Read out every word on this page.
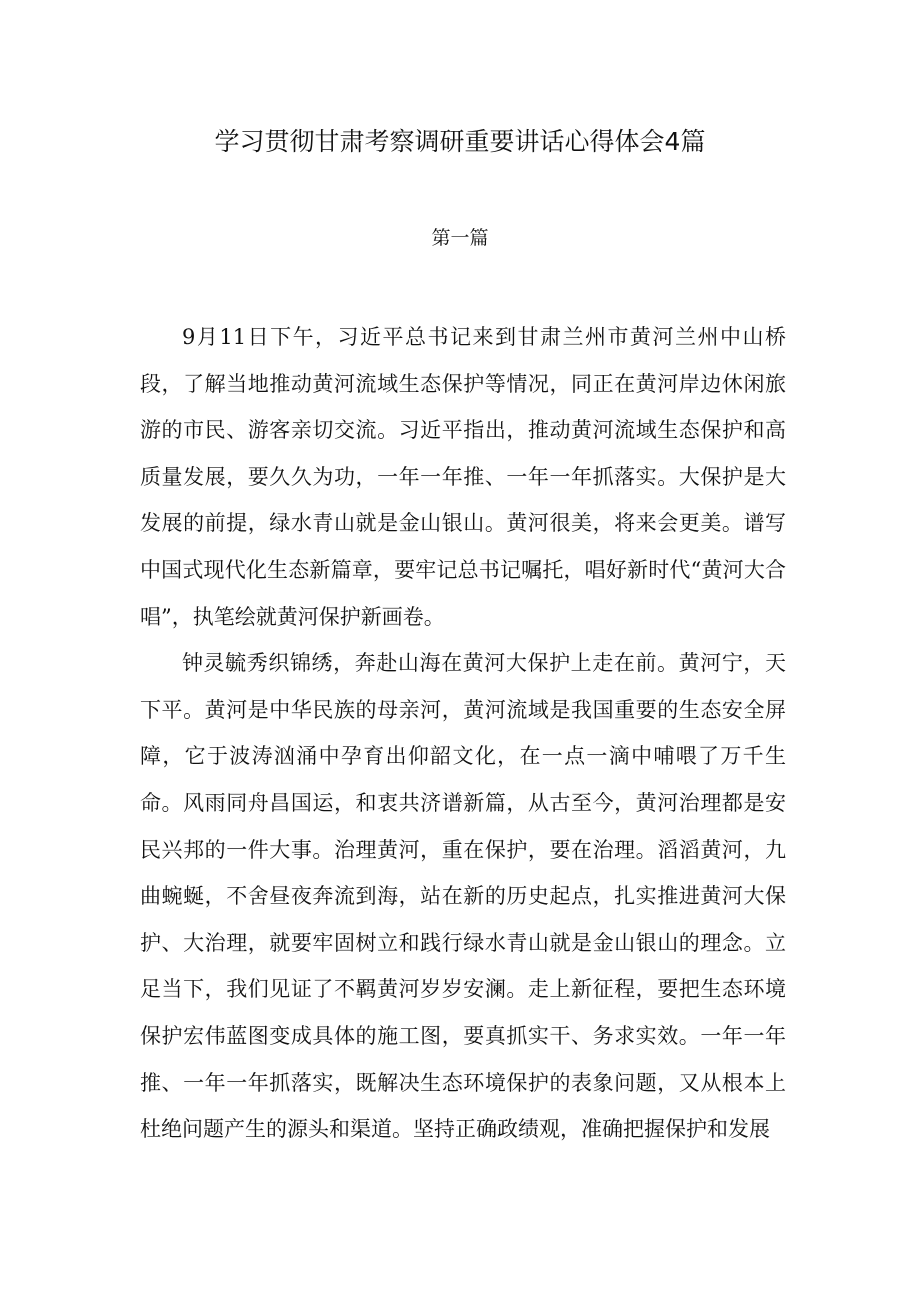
学习贯彻甘肃考察调研重要讲话心得体会4篇
第一篇

9月11日下午，习近平总书记来到甘肃兰州市黄河兰州中山桥段，了解当地推动黄河流域生态保护等情况，同正在黄河岸边休闲旅游的市民、游客亲切交流。习近平指出，推动黄河流域生态保护和高质量发展，要久久为功，一年一年推、一年一年抓落实。大保护是大发展的前提，绿水青山就是金山银山。黄河很美，将来会更美。谱写中国式现代化生态新篇章，要牢记总书记嘱托，唱好新时代“黄河大合唱”，执笔绘就黄河保护新画卷。

钟灵毓秀织锦绣，奔赴山海在黄河大保护上走在前。黄河宁，天下平。黄河是中华民族的母亲河，黄河流域是我国重要的生态安全屏障，它于波涛汹涌中孕育出仰韶文化，在一点一滴中哺喂了万千生命。风雨同舟昌国运，和衷共济谱新篇，从古至今，黄河治理都是安民兴邦的一件大事。治理黄河，重在保护，要在治理。滔滔黄河，九曲蜿蜒，不舍昼夜奔流到海，站在新的历史起点，扎实推进黄河大保护、大治理，就要牢固树立和践行绿水青山就是金山银山的理念。立足当下，我们见证了不羁黄河岁岁安澜。走上新征程，要把生态环境保护宏伟蓝图变成具体的施工图，要真抓实干、务求实效。一年一年推、一年一年抓落实，既解决生态环境保护的表象问题，又从根本上杜绝问题产生的源头和渠道。坚持正确政绩观，准确把握保护和发展
